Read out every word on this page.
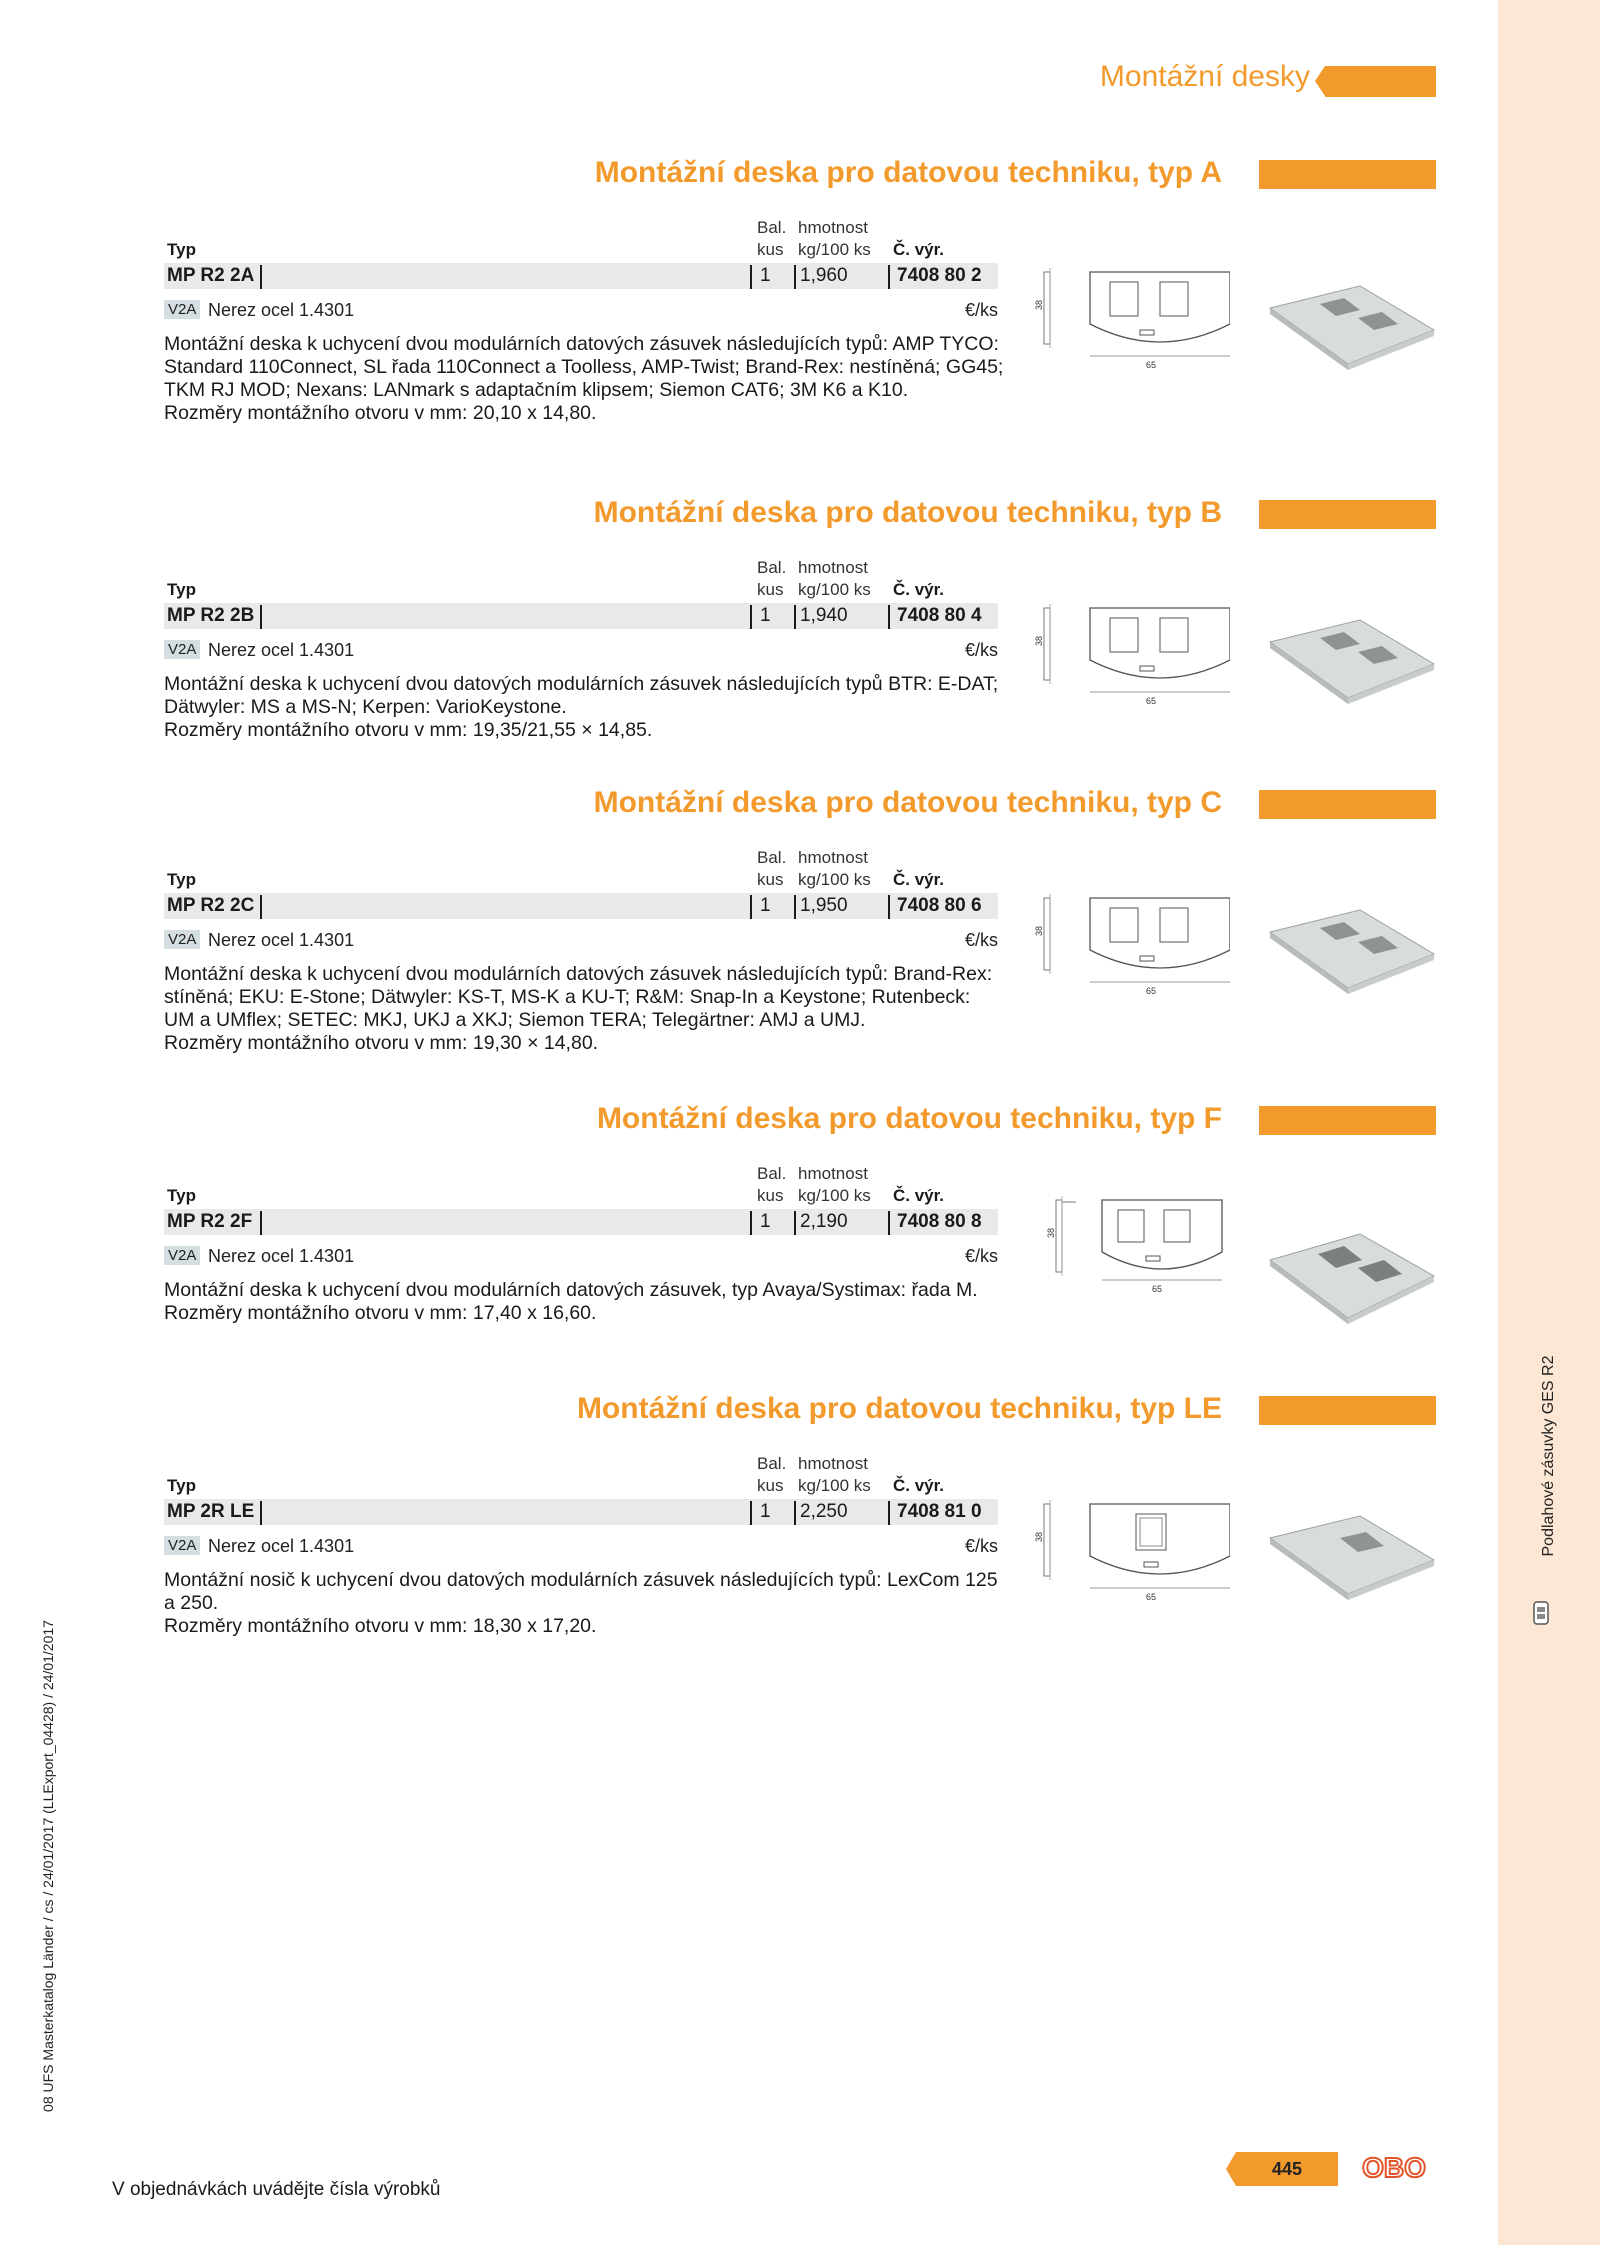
Podlahové zásuvky GES R2
08 UFS Masterkatalog Länder / cs / 24/01/2017 (LLExport_04428) / 24/01/2017
Montážní desky
Montážní deska pro datovou techniku, typ A
Bal. hmotnost
Typ	kus kg/100 ks Č. výr.
MP R2 2A	1 1,960	7408 80 2
V2A Nerez ocel 1.4301	€/ks

Montážní deska k uchycení dvou modulárních datových zásuvek následujících typů: AMP TYCO: Standard 110Connect, SL řada 110Connect a Toolless, AMP-Twist; Brand-Rex: nestíněná; GG45; TKM RJ MOD; Nexans: LANmark s adaptačním klipsem; Siemon CAT6; 3M K6 a K10.

Rozměry montážního otvoru v mm: 20,10 x 14,80.

38
65
Montážní deska pro datovou techniku, typ B
Bal. hmotnost
Typ	kus kg/100 ks Č. výr.
MP R2 2B	1 1,940	7408 80 4
V2A Nerez ocel 1.4301	€/ks

Montážní deska k uchycení dvou datových modulárních zásuvek následujících typů BTR: E-DAT; Dätwyler: MS a MS-N; Kerpen: VarioKeystone.

Rozměry montážního otvoru v mm: 19,35/21,55 × 14,85.

38
65
Montážní deska pro datovou techniku, typ C
Bal. hmotnost
Typ	kus kg/100 ks Č. výr.
MP R2 2C	1 1,950	7408 80 6
V2A Nerez ocel 1.4301	€/ks

Montážní deska k uchycení dvou modulárních datových zásuvek následujících typů: Brand-Rex: stíněná; EKU: E-Stone; Dätwyler: KS-T, MS-K a KU-T; R&M: Snap-In a Keystone; Rutenbeck: UM a UMflex; SETEC: MKJ, UKJ a XKJ; Siemon TERA; Telegärtner: AMJ a UMJ.

Rozměry montážního otvoru v mm: 19,30 × 14,80.

38
65
Montážní deska pro datovou techniku, typ F
Bal. hmotnost
Typ	kus kg/100 ks Č. výr.
MP R2 2F	1 2,190	7408 80 8
V2A Nerez ocel 1.4301	€/ks

Montážní deska k uchycení dvou modulárních datových zásuvek, typ Avaya/Systimax: řada M.

Rozměry montážního otvoru v mm: 17,40 x 16,60.

38
65
Montážní deska pro datovou techniku, typ LE
Bal. hmotnost
Typ	kus kg/100 ks Č. výr.
MP 2R LE	1 2,250	7408 81 0
V2A Nerez ocel 1.4301	€/ks

Montážní nosič k uchycení dvou datových modulárních zásuvek následujících typů: LexCom 125 a 250.

Rozměry montážního otvoru v mm: 18,30 x 17,20.

38
65
V objednávkách uvádějte čísla výrobků
445	OBO
